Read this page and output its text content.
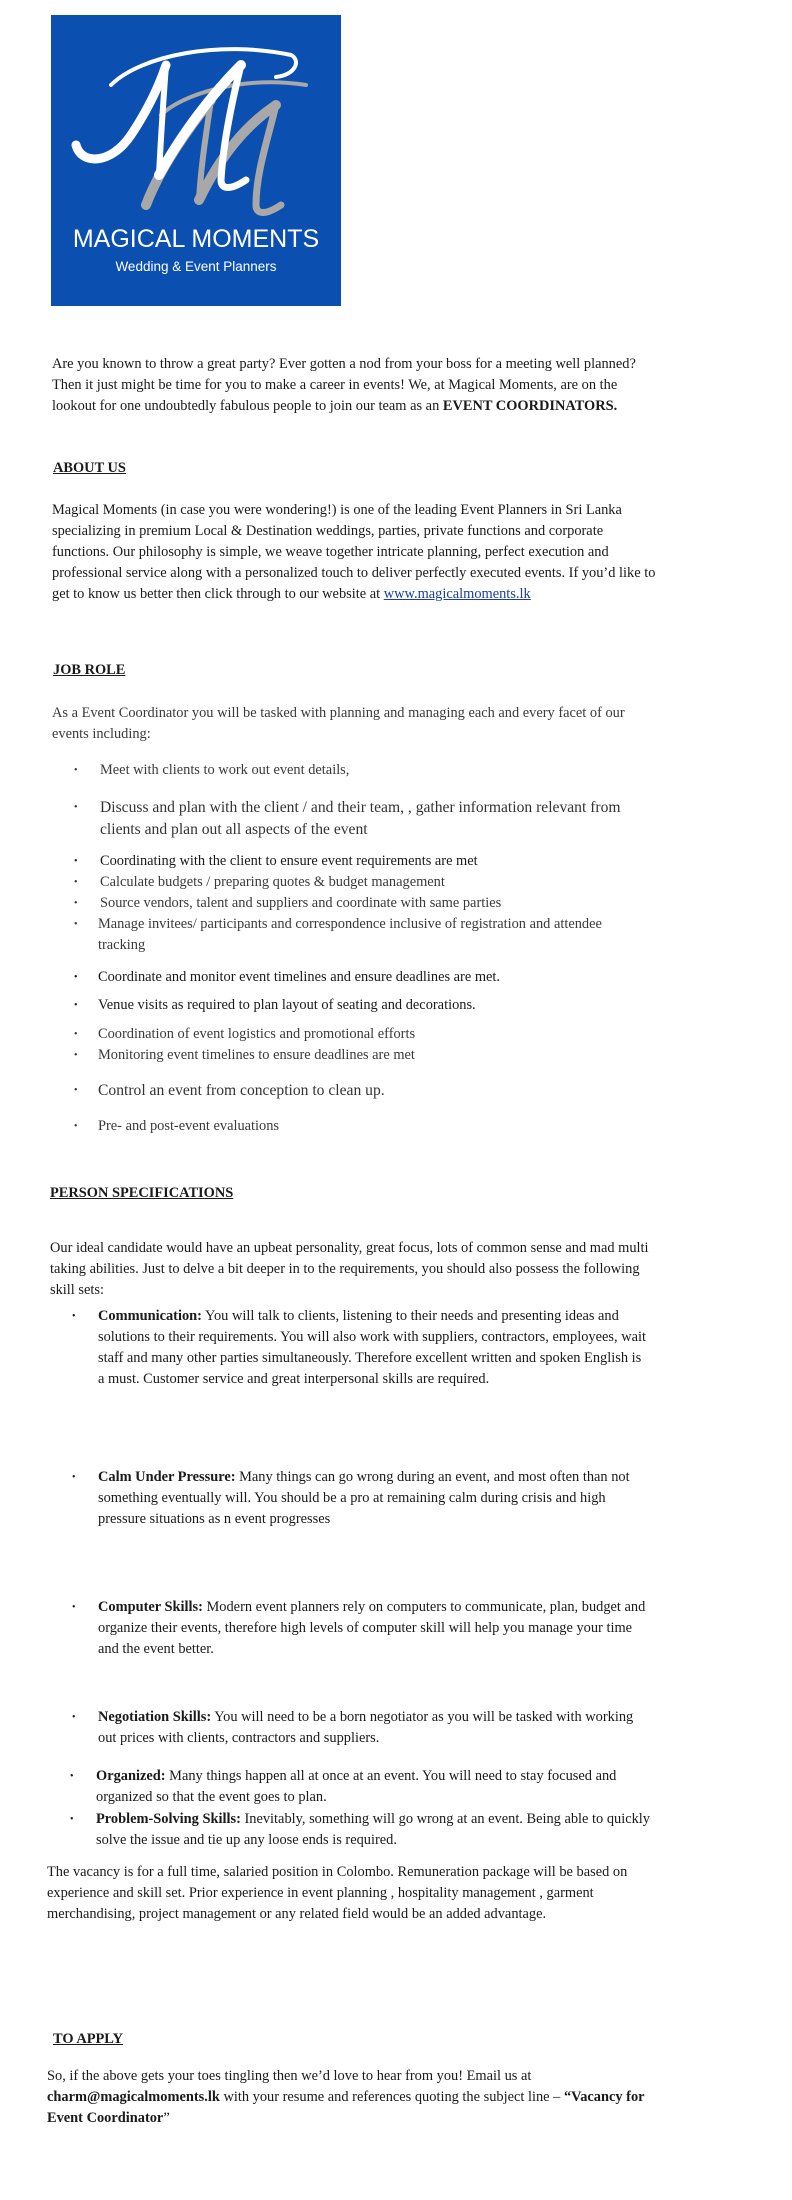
MAGICAL MOMENTS
Wedding & Event Planners
Are you known to throw a great party? Ever gotten a nod from your boss for a meeting well planned? Then it just might be time for you to make a career in events! We, at Magical Moments, are on the lookout for one undoubtedly fabulous people to join our team as an EVENT COORDINATORS.
ABOUT US
Magical Moments (in case you were wondering!) is one of the leading Event Planners in Sri Lanka specializing in premium Local & Destination weddings, parties, private functions and corporate functions. Our philosophy is simple, we weave together intricate planning, perfect execution and professional service along with a personalized touch to deliver perfectly executed events. If you’d like to get to know us better then click through to our website at www.magicalmoments.lk
JOB ROLE
As a Event Coordinator you will be tasked with planning and managing each and every facet of our events including:
• Meet with clients to work out event details,
• Discuss and plan with the client / and their team, , gather information relevant from clients and plan out all aspects of the event
• Coordinating with the client to ensure event requirements are met
• Calculate budgets / preparing quotes & budget management
• Source vendors, talent and suppliers and coordinate with same parties
• Manage invitees/ participants and correspondence inclusive of registration and attendee tracking
• Coordinate and monitor event timelines and ensure deadlines are met.
• Venue visits as required to plan layout of seating and decorations.
• Coordination of event logistics and promotional efforts
• Monitoring event timelines to ensure deadlines are met
• Control an event from conception to clean up.
• Pre- and post-event evaluations
PERSON SPECIFICATIONS
Our ideal candidate would have an upbeat personality, great focus, lots of common sense and mad multi taking abilities. Just to delve a bit deeper in to the requirements, you should also possess the following skill sets:
• Communication: You will talk to clients, listening to their needs and presenting ideas and solutions to their requirements. You will also work with suppliers, contractors, employees, wait staff and many other parties simultaneously. Therefore excellent written and spoken English is a must. Customer service and great interpersonal skills are required.
• Calm Under Pressure: Many things can go wrong during an event, and most often than not something eventually will. You should be a pro at remaining calm during crisis and high pressure situations as n event progresses
• Computer Skills: Modern event planners rely on computers to communicate, plan, budget and organize their events, therefore high levels of computer skill will help you manage your time and the event better.
• Negotiation Skills: You will need to be a born negotiator as you will be tasked with working out prices with clients, contractors and suppliers.
• Organized: Many things happen all at once at an event. You will need to stay focused and organized so that the event goes to plan.
• Problem-Solving Skills: Inevitably, something will go wrong at an event. Being able to quickly solve the issue and tie up any loose ends is required.
The vacancy is for a full time, salaried position in Colombo. Remuneration package will be based on experience and skill set. Prior experience in event planning , hospitality management , garment merchandising, project management or any related field would be an added advantage.
TO APPLY
So, if the above gets your toes tingling then we’d love to hear from you! Email us at charm@magicalmoments.lk with your resume and references quoting the subject line – “Vacancy for Event Coordinator”
